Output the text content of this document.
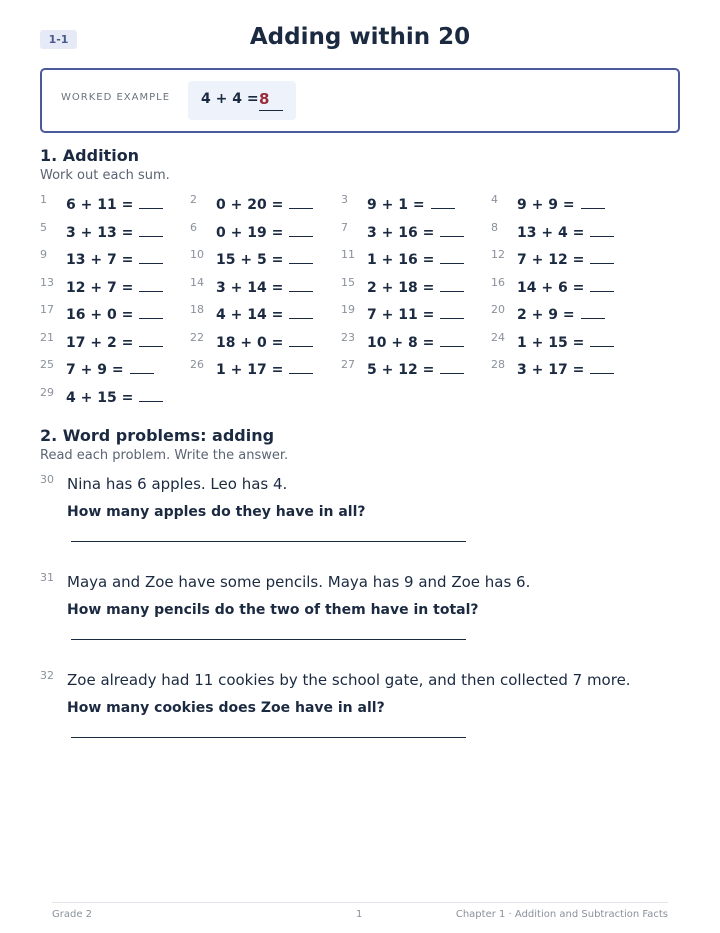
1-1	Adding within 20
WORKED EXAMPLE 4 + 4 = 8
1. Addition
Work out each sum.
1	6 + 11 =	2	0 + 20 =	3	9 + 1 =	4	9 + 9 =
5	3 + 13 =	6	0 + 19 =	7	3 + 16 =	8	13 + 4 =
9	13 + 7 =	10 15 + 5 =	11 1 + 16 =	12 7 + 12 =
13 12 + 7 =	14 3 + 14 =	15 2 + 18 =	16 14 + 6 =
17 16 + 0 =	18 4 + 14 =	19 7 + 11 =	20 2 + 9 =
21 17 + 2 =	22 18 + 0 =	23 10 + 8 =	24 1 + 15 =
25 7 + 9 =	26 1 + 17 =	27 5 + 12 =	28 3 + 17 =
29 4 + 15 =
2. Word problems: adding
Read each problem. Write the answer.
30 Nina has 6 apples. Leo has 4.
How many apples do they have in all?
31 Maya and Zoe have some pencils. Maya has 9 and Zoe has 6.
How many pencils do the two of them have in total?
32 Zoe already had 11 cookies by the school gate, and then collected 7 more.
How many cookies does Zoe have in all?
Grade 2	1	Chapter 1 · Addition and Subtraction Facts
